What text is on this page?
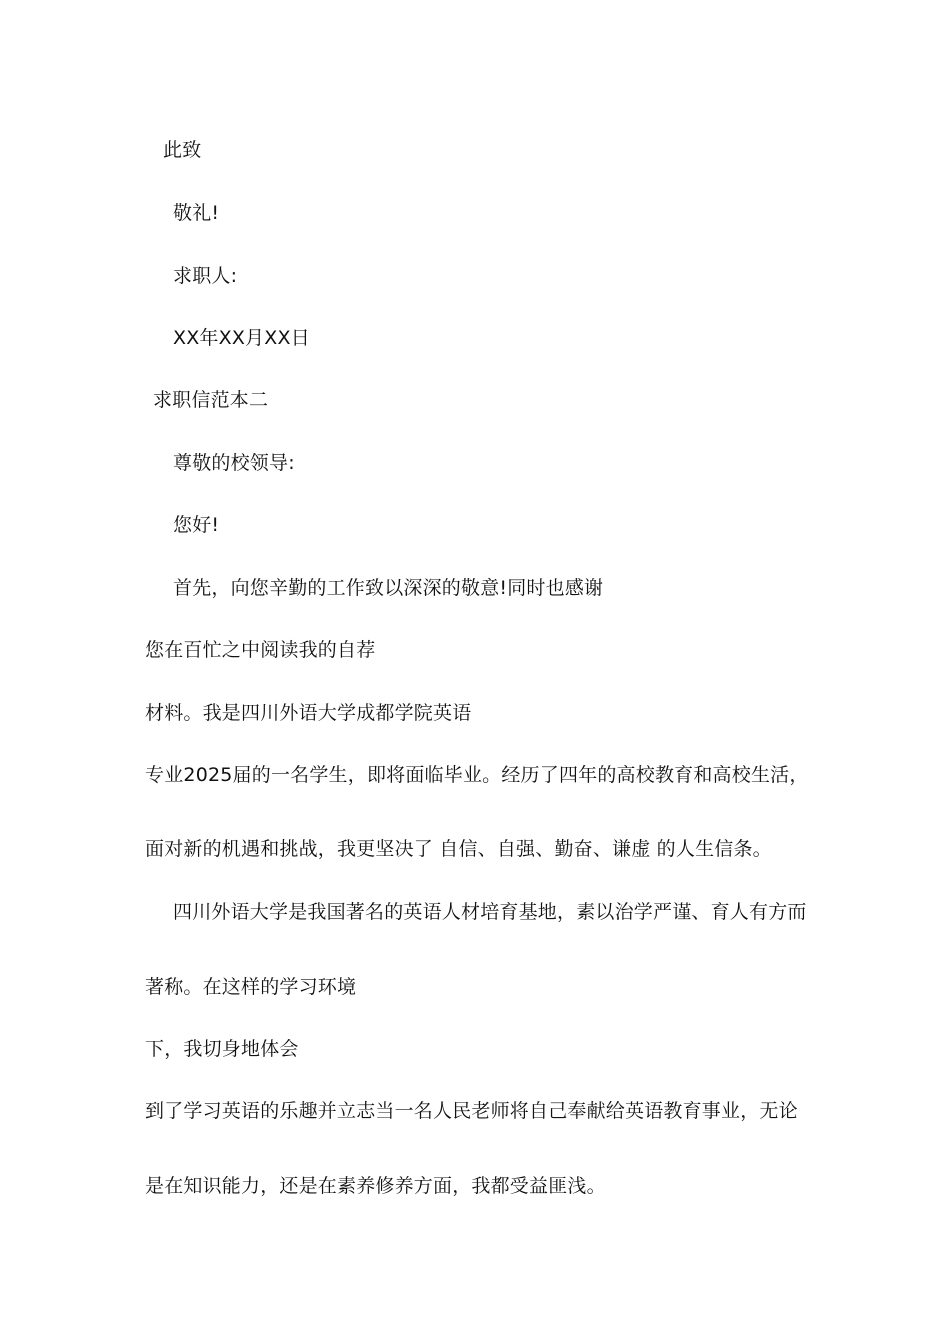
此致
敬礼!
求职人:
XX年XX月XX日
求职信范本二
尊敬的校领导:
您好!
首先，向您辛勤的工作致以深深的敬意!同时也感谢
您在百忙之中阅读我的自荐
材料。我是四川外语大学成都学院英语
专业2025届的一名学生，即将面临毕业。经历了四年的高校教育和高校生活，
面对新的机遇和挑战，我更坚决了 自信、自强、勤奋、谦虚 的人生信条。
四川外语大学是我国著名的英语人材培育基地，素以治学严谨、育人有方而
著称。在这样的学习环境
下，我切身地体会
到了学习英语的乐趣并立志当一名人民老师将自己奉献给英语教育事业，无论
是在知识能力，还是在素养修养方面，我都受益匪浅。
